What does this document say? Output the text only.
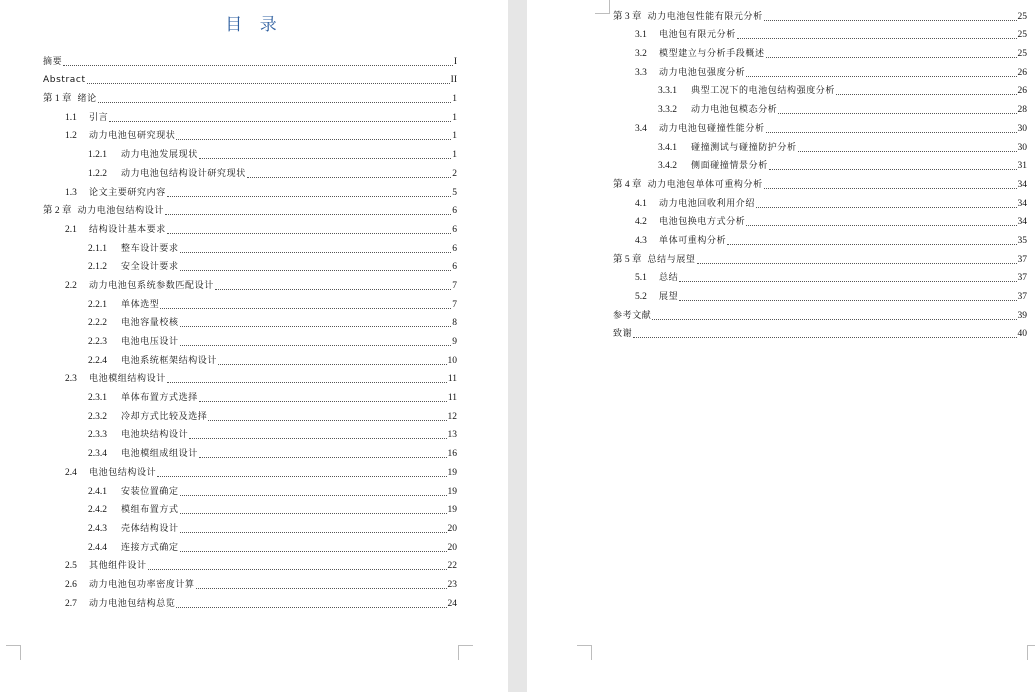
目 录
摘要	I
Abstract	II
第 1 章 绪论	1
1.1	引言	1
1.2	动力电池包研究现状	1
1.2.1	动力电池发展现状	1
1.2.2	动力电池包结构设计研究现状	2
1.3	论文主要研究内容	5
第 2 章 动力电池包结构设计	6
2.1	结构设计基本要求	6
2.1.1	整车设计要求	6
2.1.2	安全设计要求	6
2.2	动力电池包系统参数匹配设计	7
2.2.1	单体选型	7
2.2.2	电池容量校核	8
2.2.3	电池电压设计	9
2.2.4	电池系统框架结构设计	10
2.3	电池模组结构设计	11
2.3.1	单体布置方式选择	11
2.3.2	冷却方式比较及选择	12
2.3.3	电池块结构设计	13
2.3.4	电池模组成组设计	16
2.4	电池包结构设计	19
2.4.1	安装位置确定	19
2.4.2	模组布置方式	19
2.4.3	壳体结构设计	20
2.4.4	连接方式确定	20
2.5	其他组件设计	22
2.6	动力电池包功率密度计算	23
2.7	动力电池包结构总览	24
第 3 章 动力电池包性能有限元分析	25
3.1	电池包有限元分析	25
3.2	模型建立与分析手段概述	25
3.3	动力电池包强度分析	26
3.3.1	典型工况下的电池包结构强度分析	26
3.3.2	动力电池包模态分析	28
3.4	动力电池包碰撞性能分析	30
3.4.1	碰撞测试与碰撞防护分析	30
3.4.2	侧面碰撞情景分析	31
第 4 章 动力电池包单体可重构分析	34
4.1	动力电池回收利用介绍	34
4.2	电池包换电方式分析	34
4.3	单体可重构分析	35
第 5 章 总结与展望	37
5.1	总结	37
5.2	展望	37
参考文献	39
致谢	40
